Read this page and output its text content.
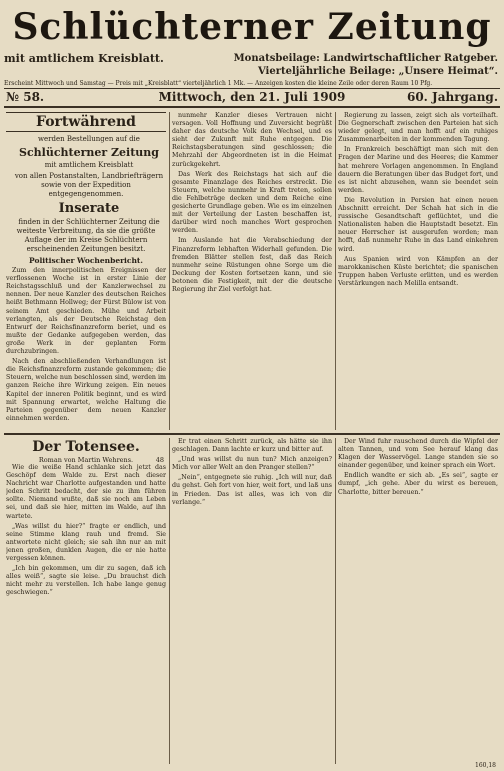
Schlüchterner Zeitung
mit amtlichem Kreisblatt.	Monatsbeilage: Landwirtschaftlicher Ratgeber.
Vierteljährliche Beilage: „Unsere Heimat“.
Erscheint Mittwoch und Samstag — Preis mit „Kreisblatt“ vierteljährlich 1 Mk. — Anzeigen kosten die kleine Zeile oder deren Raum 10 Pfg.
№ 58.	Mittwoch, den 21. Juli 1909	60. Jahrgang.
Fortwährend

werden Bestellungen auf die

Schlüchterner Zeitung

mit amtlichem Kreisblatt

von allen Postanstalten, Landbriefträgern sowie von der Expedition entgegengenommen.

Inserate

finden in der Schlüchterner Zeitung die weiteste Verbreitung, da sie die größte Auflage der im Kreise Schlüchtern erscheinenden Zeitungen besitzt.

Politischer Wochenbericht.

Zum den innerpolitischen Ereignissen der verflossenen Woche ist in erster Linie der Reichstagsschluß und der Kanzlerwechsel zu nennen. Der neue Kanzler des deutschen Reiches heißt Bethmann Hollweg; der Fürst Bülow ist von seinem Amt geschieden. Mühe und Arbeit verlangten, als der Deutsche Reichstag den Entwurf der Reichsfinanzreform beriet, und es mußte der Gedanke aufgegeben werden, das große Werk in der geplanten Form durchzubringen.

Nach den abschließenden Verhandlungen ist die Reichsfinanzreform zustande gekommen; die Steuern, welche nun beschlossen sind, werden im ganzen Reiche ihre Wirkung zeigen. Ein neues Kapitel der inneren Politik beginnt, und es wird mit Spannung erwartet, welche Haltung die Parteien gegenüber dem neuen Kanzler einnehmen werden.

nunmehr Kanzler dieses Vertrauen nicht versagen. Voll Hoffnung und Zuversicht begrüßt daher das deutsche Volk den Wechsel, und es sieht der Zukunft mit Ruhe entgegen. Die Reichstagsberatungen sind geschlossen; die Mehrzahl der Abgeordneten ist in die Heimat zurückgekehrt.

Das Werk des Reichstags hat sich auf die gesamte Finanzlage des Reiches erstreckt. Die Steuern, welche nunmehr in Kraft treten, sollen die Fehlbeträge decken und dem Reiche eine gesicherte Grundlage geben. Wie es im einzelnen mit der Verteilung der Lasten beschaffen ist, darüber wird noch manches Wort gesprochen werden.

Im Auslande hat die Verabschiedung der Finanzreform lebhaften Widerhall gefunden. Die fremden Blätter stellen fest, daß das Reich nunmehr seine Rüstungen ohne Sorge um die Deckung der Kosten fortsetzen kann, und sie betonen die Festigkeit, mit der die deutsche Regierung ihr Ziel verfolgt hat.

Regierung zu lassen, zeigt sich als vorteilhaft. Die Gegnerschaft zwischen den Parteien hat sich wieder gelegt, und man hofft auf ein ruhiges Zusammenarbeiten in der kommenden Tagung.

In Frankreich beschäftigt man sich mit den Fragen der Marine und des Heeres; die Kammer hat mehrere Vorlagen angenommen. In England dauern die Beratungen über das Budget fort, und es ist nicht abzusehen, wann sie beendet sein werden.

Die Revolution in Persien hat einen neuen Abschnitt erreicht. Der Schah hat sich in die russische Gesandtschaft geflüchtet, und die Nationalisten haben die Hauptstadt besetzt. Ein neuer Herrscher ist ausgerufen worden; man hofft, daß nunmehr Ruhe in das Land einkehren wird.

Aus Spanien wird von Kämpfen an der marokkanischen Küste berichtet; die spanischen Truppen haben Verluste erlitten, und es werden Verstärkungen nach Melilla entsandt.

Der Totensee.

Roman von Martin Wehrens.	48

Wie die weiße Hand schlanke sich jetzt das Geschöpf dem Walde zu. Erst nach dieser Nachricht war Charlotte aufgestanden und hatte jeden Schritt bedacht, der sie zu ihm führen sollte. Niemand wußte, daß sie noch am Leben sei, und daß sie hier, mitten im Walde, auf ihn wartete.

„Was willst du hier?“ fragte er endlich, und seine Stimme klang rauh und fremd. Sie antwortete nicht gleich; sie sah ihn nur an mit jenen großen, dunklen Augen, die er nie hatte vergessen können.

„Ich bin gekommen, um dir zu sagen, daß ich alles weiß“, sagte sie leise. „Du brauchst dich nicht mehr zu verstellen. Ich habe lange genug geschwiegen.“

Er trat einen Schritt zurück, als hätte sie ihn geschlagen. Dann lachte er kurz und bitter auf.

„Und was willst du nun tun? Mich anzeigen? Mich vor aller Welt an den Pranger stellen?“

„Nein“, entgegnete sie ruhig. „Ich will nur, daß du gehst. Geh fort von hier, weit fort, und laß uns in Frieden. Das ist alles, was ich von dir verlange.“

Der Wind fuhr rauschend durch die Wipfel der alten Tannen, und vom See herauf klang das Klagen der Wasservögel. Lange standen sie so einander gegenüber, und keiner sprach ein Wort.

Endlich wandte er sich ab. „Es sei“, sagte er dumpf, „ich gehe. Aber du wirst es bereuen, Charlotte, bitter bereuen.“

160,18
